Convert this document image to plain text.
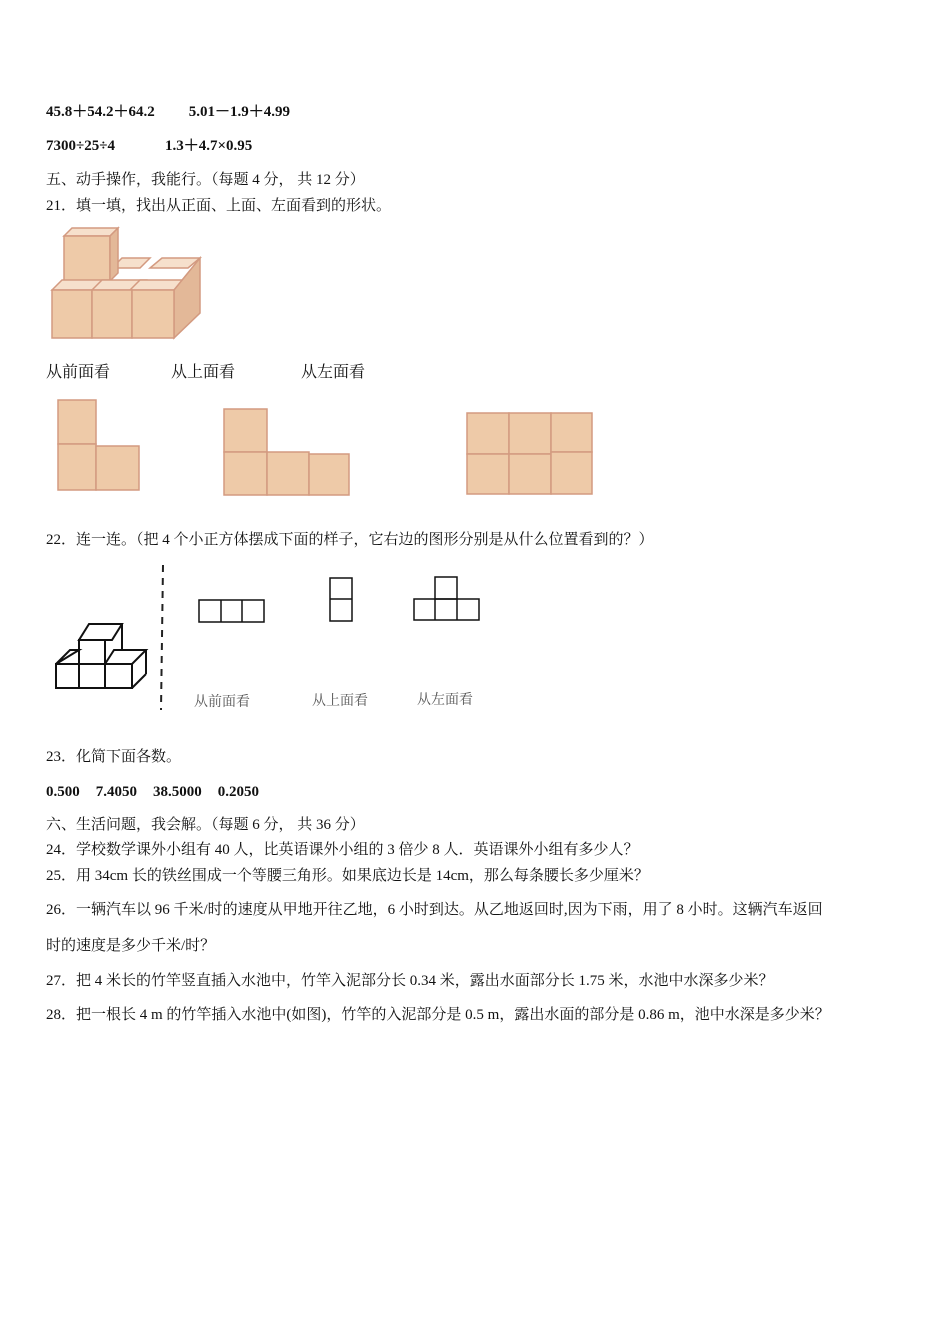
45.8＋54.2＋64.2 5.01－1.9＋4.99
7300÷25÷4	1.3＋4.7×0.95
五、动手操作，我能行。（每题 4 分， 共 12 分）
21．填一填，找出从正面、上面、左面看到的形状。
从前面看	从上面看	从左面看
22．连一连。（把 4 个小正方体摆成下面的样子，它右边的图形分别是从什么位置看到的？）
从前面看	从上面看	从左面看
23．化简下面各数。
0.500 7.4050 38.5000 0.2050
六、生活问题，我会解。（每题 6 分， 共 36 分）
24．学校数学课外小组有 40 人，比英语课外小组的 3 倍少 8 人．英语课外小组有多少人？
25．用 34cm 长的铁丝围成一个等腰三角形。如果底边长是 14cm，那么每条腰长多少厘米？
26．一辆汽车以 96 千米/时的速度从甲地开往乙地，6 小时到达。从乙地返回时,因为下雨，用了 8 小时。这辆汽车返回
时的速度是多少千米/时？
27．把 4 米长的竹竿竖直插入水池中，竹竿入泥部分长 0.34 米，露出水面部分长 1.75 米，水池中水深多少米？
28．把一根长 4 m 的竹竿插入水池中(如图)，竹竿的入泥部分是 0.5 m，露出水面的部分是 0.86 m，池中水深是多少米？
